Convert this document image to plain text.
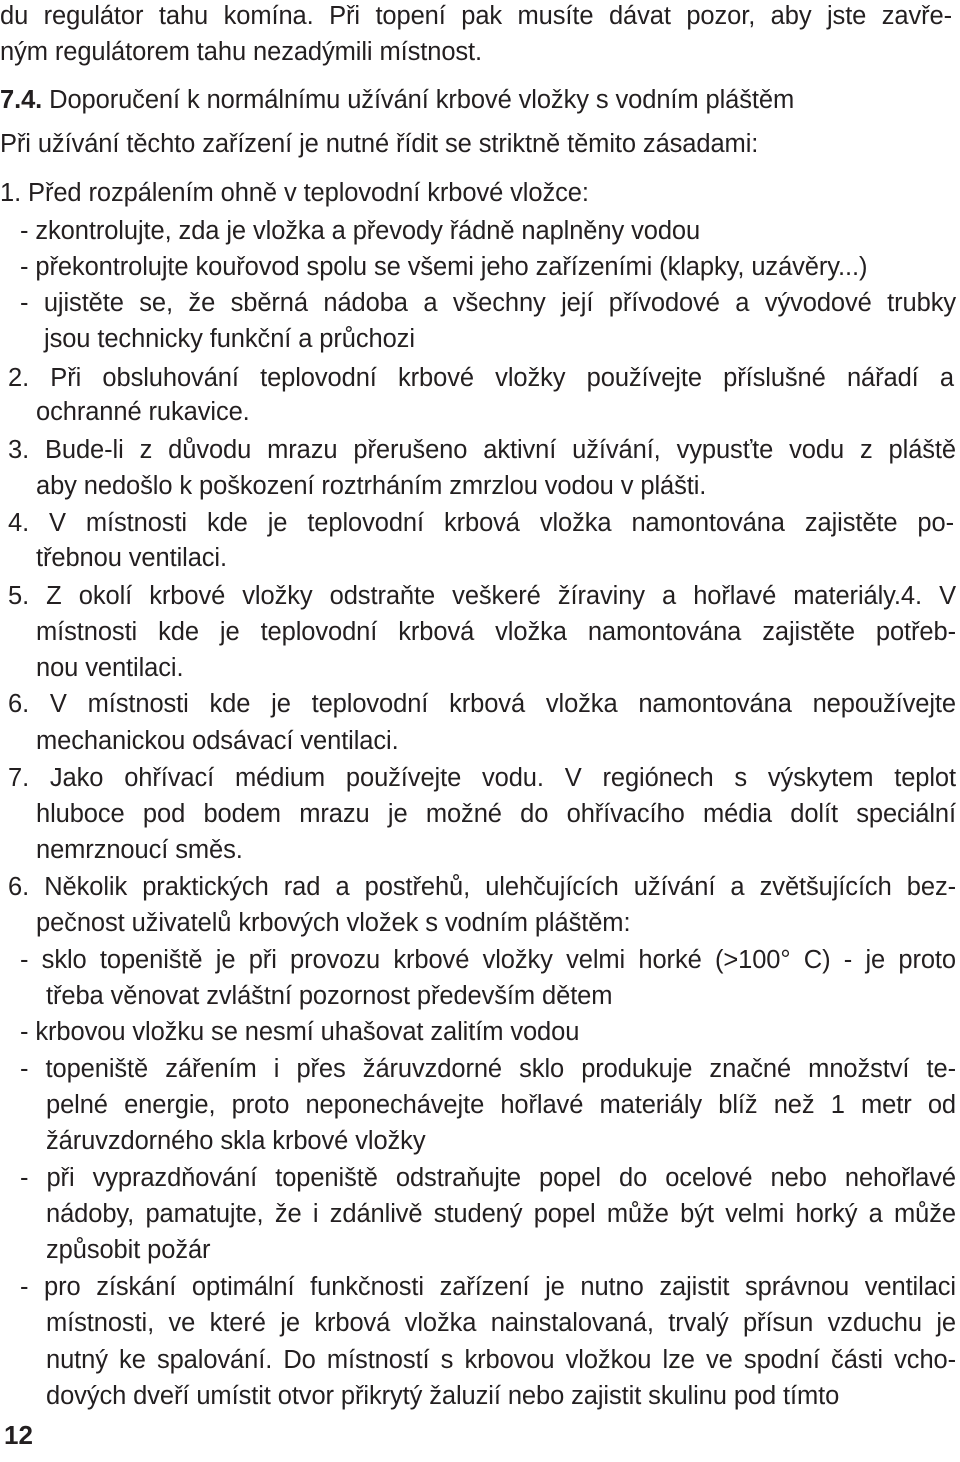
du regulátor tahu komína. Při topení pak musíte dávat pozor, aby jste zavře-
ným regulátorem tahu nezadýmili místnost.
7.4. Doporučení k normálnímu užívání krbové vložky s vodním pláštěm
Při užívání těchto zařízení je nutné řídit se striktně těmito zásadami:
1. Před rozpálením ohně v teplovodní krbové vložce:
- zkontrolujte, zda je vložka a převody řádně naplněny vodou
- překontrolujte kouřovod spolu se všemi jeho zařízeními (klapky, uzávěry...)
- ujistěte se, že sběrná nádoba a všechny její přívodové a vývodové trubky
jsou technicky funkční a průchozi
2. Při obsluhování teplovodní krbové vložky používejte příslušné nářadí a
ochranné rukavice.
3. Bude-li z důvodu mrazu přerušeno aktivní užívání, vypusťte vodu z pláště
aby nedošlo k poškození roztrháním zmrzlou vodou v plášti.
4. V místnosti kde je teplovodní krbová vložka namontována zajistěte po-
třebnou ventilaci.
5. Z okolí krbové vložky odstraňte veškeré žíraviny a hořlavé materiály.4. V
místnosti kde je teplovodní krbová vložka namontována zajistěte potřeb-
nou ventilaci.
6. V místnosti kde je teplovodní krbová vložka namontována nepoužívejte
mechanickou odsávací ventilaci.
7. Jako ohřívací médium používejte vodu. V regiónech s výskytem teplot
hluboce pod bodem mrazu je možné do ohřívacího média dolít speciální
nemrznoucí směs.
6. Několik praktických rad a postřehů, ulehčujících užívání a zvětšujících bez-
pečnost uživatelů krbových vložek s vodním pláštěm:
- sklo topeniště je při provozu krbové vložky velmi horké (>100° C) - je proto
třeba věnovat zvláštní pozornost především dětem
- krbovou vložku se nesmí uhašovat zalitím vodou
- topeniště zářením i přes žáruvzdorné sklo produkuje značné množství te-
pelné energie, proto neponechávejte hořlavé materiály blíž než 1 metr od
žáruvzdorného skla krbové vložky
- při vyprazdňování topeniště odstraňujte popel do ocelové nebo nehořlavé
nádoby, pamatujte, že i zdánlivě studený popel může být velmi horký a může
způsobit požár
- pro získání optimální funkčnosti zařízení je nutno zajistit správnou ventilaci
místnosti, ve které je krbová vložka nainstalovaná, trvalý přísun vzduchu je
nutný ke spalování. Do místností s krbovou vložkou lze ve spodní části vcho-
dových dveří umístit otvor přikrytý žaluzií nebo zajistit skulinu pod tímto
12
